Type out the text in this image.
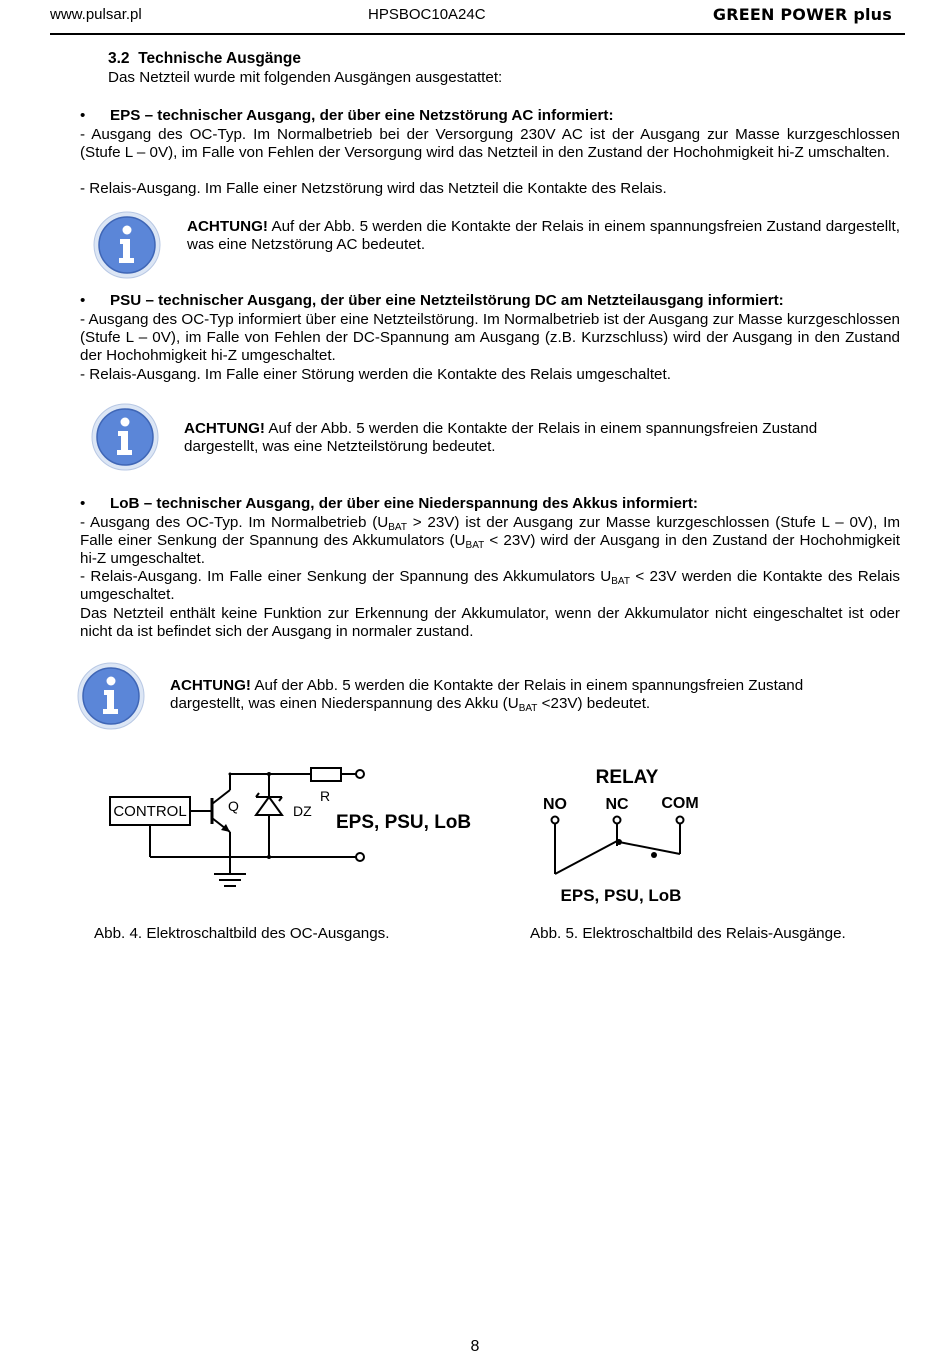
www.pulsar.pl	HPSBOC10A24C	GREEN POWER plus
3.2 Technische Ausgänge
Das Netzteil wurde mit folgenden Ausgängen ausgestattet:
• EPS – technischer Ausgang, der über eine Netzstörung AC informiert:
- Ausgang des OC-Typ. Im Normalbetrieb bei der Versorgung 230V AC ist der Ausgang zur Masse kurzgeschlossen (Stufe L – 0V), im Falle von Fehlen der Versorgung wird das Netzteil in den Zustand der Hochohmigkeit hi-Z umschalten.
- Relais-Ausgang. Im Falle einer Netzstörung wird das Netzteil die Kontakte des Relais.
ACHTUNG! Auf der Abb. 5 werden die Kontakte der Relais in einem spannungsfreien Zustand dargestellt, was eine Netzstörung AC bedeutet.
• PSU – technischer Ausgang, der über eine Netzteilstörung DC am Netzteilausgang informiert:
- Ausgang des OC-Typ informiert über eine Netzteilstörung. Im Normalbetrieb ist der Ausgang zur Masse kurzgeschlossen (Stufe L – 0V), im Falle von Fehlen der DC-Spannung am Ausgang (z.B. Kurzschluss) wird der Ausgang in den Zustand der Hochohmigkeit hi-Z umgeschaltet.
- Relais-Ausgang. Im Falle einer Störung werden die Kontakte des Relais umgeschaltet.
ACHTUNG! Auf der Abb. 5 werden die Kontakte der Relais in einem spannungsfreien Zustand
dargestellt, was eine Netzteilstörung bedeutet.
• LoB – technischer Ausgang, der über eine Niederspannung des Akkus informiert:
- Ausgang des OC-Typ. Im Normalbetrieb $(U_{BAT} > 23V)$ ist der Ausgang zur Masse kurzgeschlossen (Stufe L – 0V), Im Falle einer Senkung der Spannung des Akkumulators $(U_{BAT} < 23V)$ wird der Ausgang in den Zustand der Hochohmigkeit hi-Z umgeschaltet.
- Relais-Ausgang. Im Falle einer Senkung der Spannung des Akkumulators $U_{BAT} < 23V$ werden die Kontakte des Relais umgeschaltet.
Das Netzteil enthält keine Funktion zur Erkennung der Akkumulator, wenn der Akkumulator nicht eingeschaltet ist oder nicht da ist befindet sich der Ausgang in normaler zustand.
ACHTUNG! Auf der Abb. 5 werden die Kontakte der Relais in einem spannungsfreien Zustand
dargestellt, was einen Niederspannung des Akku $(U_{BAT} <23V)$ bedeutet.
CONTROL	Q	DZ
R
EPS, PSU, LoB
RELAY
NO NC COM
EPS, PSU, LoB
Abb. 4. Elektroschaltbild des OC-Ausgangs.	Abb. 5. Elektroschaltbild des Relais-Ausgänge.
8
